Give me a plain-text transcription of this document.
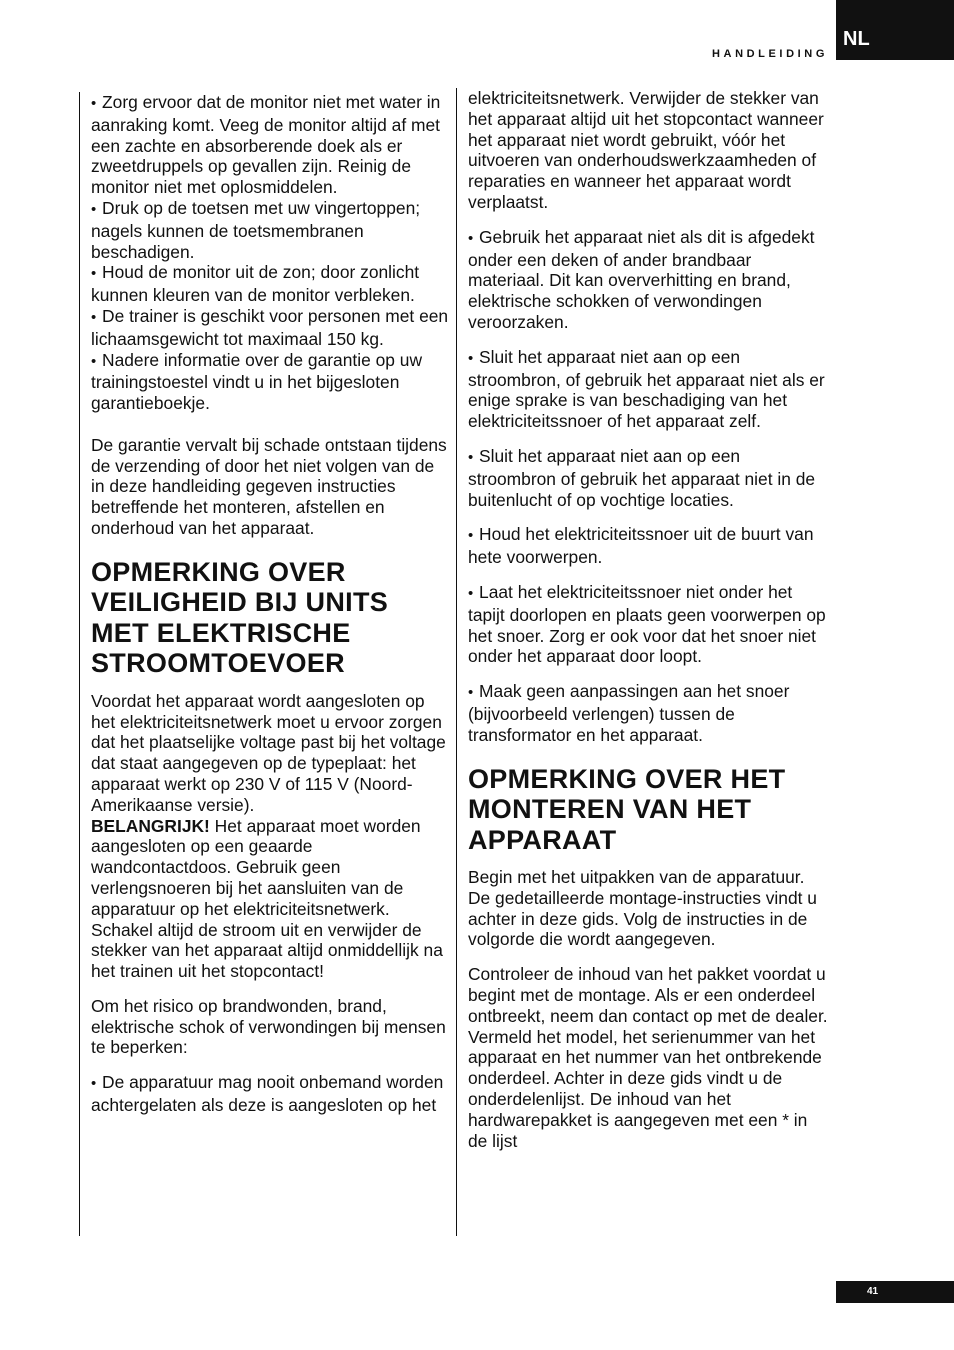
HANDLEIDING
NL

• Zorg ervoor dat de monitor niet met water in aanraking komt. Veeg de monitor altijd af met een zachte en absorberende doek als er zweetdruppels op gevallen zijn. Reinig de monitor niet met oplosmiddelen.

• Druk op de toetsen met uw vingertoppen; nagels kunnen de toetsmembranen beschadigen.

• Houd de monitor uit de zon; door zonlicht kunnen kleuren van de monitor verbleken.

• De trainer is geschikt voor personen met een lichaamsgewicht tot maximaal 150 kg.

• Nadere informatie over de garantie op uw trainingstoestel vindt u in het bijgesloten garantieboekje.

De garantie vervalt bij schade ontstaan tijdens de verzending of door het niet volgen van de in deze handleiding gegeven instructies betreffende het monteren, afstellen en onderhoud van het apparaat.

OPMERKING OVER VEILIGHEID BIJ UNITS MET ELEKTRISCHE STROOMTOEVOER

Voordat het apparaat wordt aangesloten op het elektriciteitsnetwerk moet u ervoor zorgen dat het plaatselijke voltage past bij het voltage dat staat aangegeven op de typeplaat: het apparaat werkt op 230 V of 115 V (Noord-Amerikaanse versie).

BELANGRIJK! Het apparaat moet worden aangesloten op een geaarde wandcontactdoos. Gebruik geen verlengsnoeren bij het aansluiten van de apparatuur op het elektriciteitsnetwerk. Schakel altijd de stroom uit en verwijder de stekker van het apparaat altijd onmiddellijk na het trainen uit het stopcontact!

Om het risico op brandwonden, brand, elektrische schok of verwondingen bij mensen te beperken:

• De apparatuur mag nooit onbemand worden achtergelaten als deze is aangesloten op het

elektriciteitsnetwerk. Verwijder de stekker van het apparaat altijd uit het stopcontact wanneer het apparaat niet wordt gebruikt, vóór het uitvoeren van onderhoudswerkzaamheden of reparaties en wanneer het apparaat wordt verplaatst.

• Gebruik het apparaat niet als dit is afgedekt onder een deken of ander brandbaar materiaal. Dit kan oververhitting en brand, elektrische schokken of verwondingen veroorzaken.

• Sluit het apparaat niet aan op een stroombron, of gebruik het apparaat niet als er enige sprake is van beschadiging van het elektriciteitssnoer of het apparaat zelf.

• Sluit het apparaat niet aan op een stroombron of gebruik het apparaat niet in de buitenlucht of op vochtige locaties.

• Houd het elektriciteitssnoer uit de buurt van hete voorwerpen.

• Laat het elektriciteitssnoer niet onder het tapijt doorlopen en plaats geen voorwerpen op het snoer. Zorg er ook voor dat het snoer niet onder het apparaat door loopt.

• Maak geen aanpassingen aan het snoer (bijvoorbeeld verlengen) tussen de transformator en het apparaat.

OPMERKING OVER HET MONTEREN VAN HET APPARAAT

Begin met het uitpakken van de apparatuur. De gedetailleerde montage-instructies vindt u achter in deze gids. Volg de instructies in de volgorde die wordt aangegeven.

Controleer de inhoud van het pakket voordat u begint met de montage. Als er een onderdeel ontbreekt, neem dan contact op met de dealer. Vermeld het model, het serienummer van het apparaat en het nummer van het ontbrekende onderdeel. Achter in deze gids vindt u de onderdelenlijst. De inhoud van het hardwarepakket is aangegeven met een * in de lijst

41
